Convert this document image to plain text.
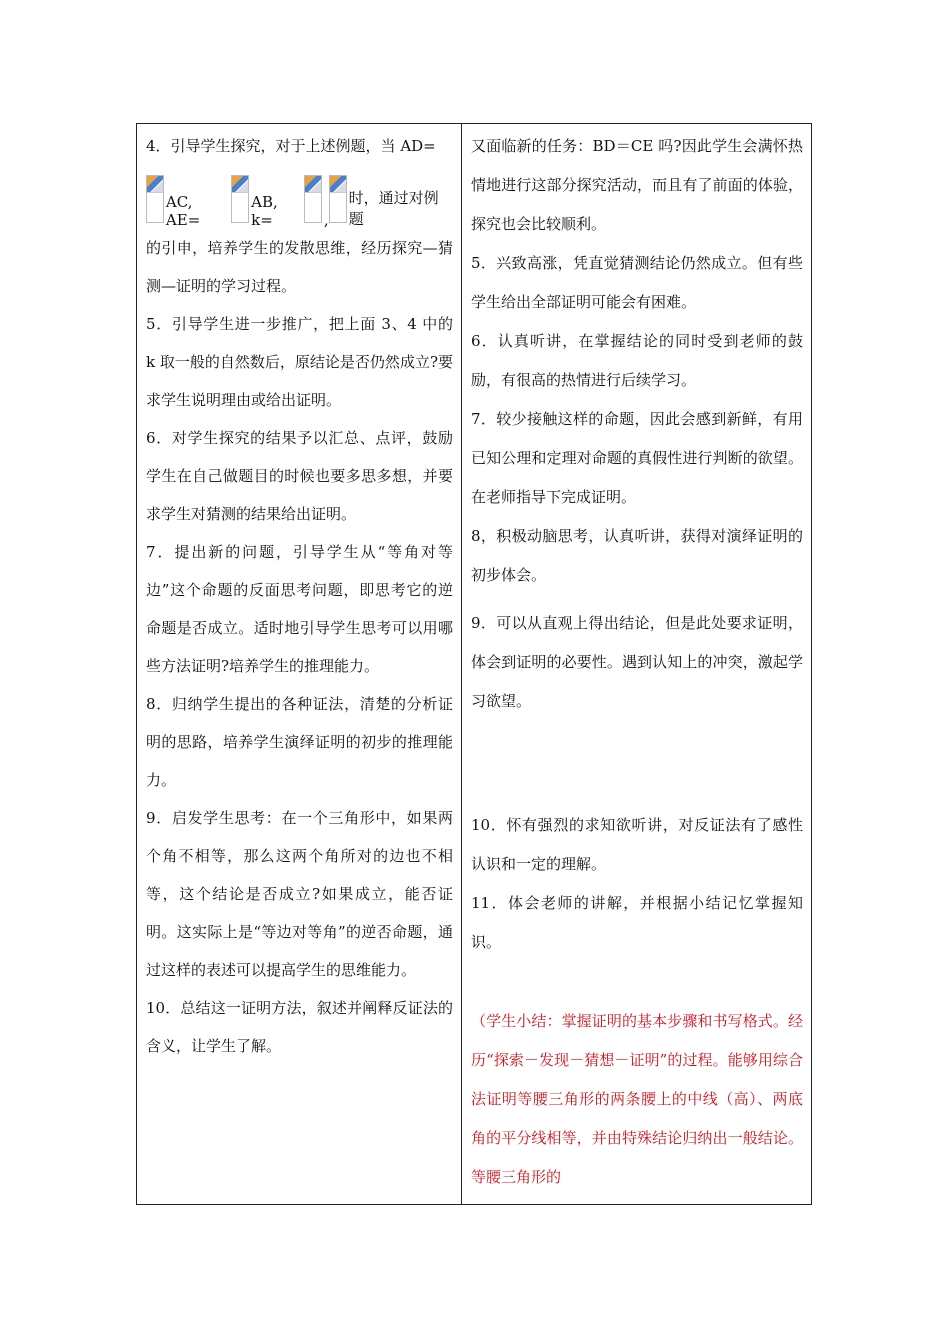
4．引导学生探究，对于上述例题，当 AD=

AC, AE=
AB, k=	,
时，通过对例题

的引申，培养学生的发散思维，经历探究—猜测—证明的学习过程。

5．引导学生进一步推广，把上面 3、4 中的 k 取一般的自然数后，原结论是否仍然成立?要求学生说明理由或给出证明。

6．对学生探究的结果予以汇总、点评，鼓励学生在自己做题目的时候也要多思多想，并要求学生对猜测的结果给出证明。

7．提出新的问题，引导学生从“等角对等边”这个命题的反面思考问题，即思考它的逆命题是否成立。适时地引导学生思考可以用哪些方法证明?培养学生的推理能力。

8．归纳学生提出的各种证法，清楚的分析证明的思路，培养学生演绎证明的初步的推理能力。

9．启发学生思考：在一个三角形中，如果两个角不相等，那么这两个角所对的边也不相等，这个结论是否成立?如果成立，能否证明。这实际上是“等边对等角”的逆否命题，通过这样的表述可以提高学生的思维能力。

10．总结这一证明方法，叙述并阐释反证法的含义，让学生了解。

又面临新的任务：BD＝CE 吗?因此学生会满怀热情地进行这部分探究活动，而且有了前面的体验，探究也会比较顺利。

5．兴致高涨，凭直觉猜测结论仍然成立。但有些学生给出全部证明可能会有困难。

6．认真听讲，在掌握结论的同时受到老师的鼓励，有很高的热情进行后续学习。

7．较少接触这样的命题，因此会感到新鲜，有用已知公理和定理对命题的真假性进行判断的欲望。在老师指导下完成证明。

8，积极动脑思考，认真听讲，获得对演绎证明的初步体会。

9．可以从直观上得出结论，但是此处要求证明，体会到证明的必要性。遇到认知上的冲突，激起学习欲望。

10．怀有强烈的求知欲听讲，对反证法有了感性认识和一定的理解。

11．体会老师的讲解，并根据小结记忆掌握知识。

（学生小结：掌握证明的基本步骤和书写格式。经历“探索－发现－猜想－证明”的过程。能够用综合法证明等腰三角形的两条腰上的中线（高）、两底角的平分线相等，并由特殊结论归纳出一般结论。等腰三角形的
